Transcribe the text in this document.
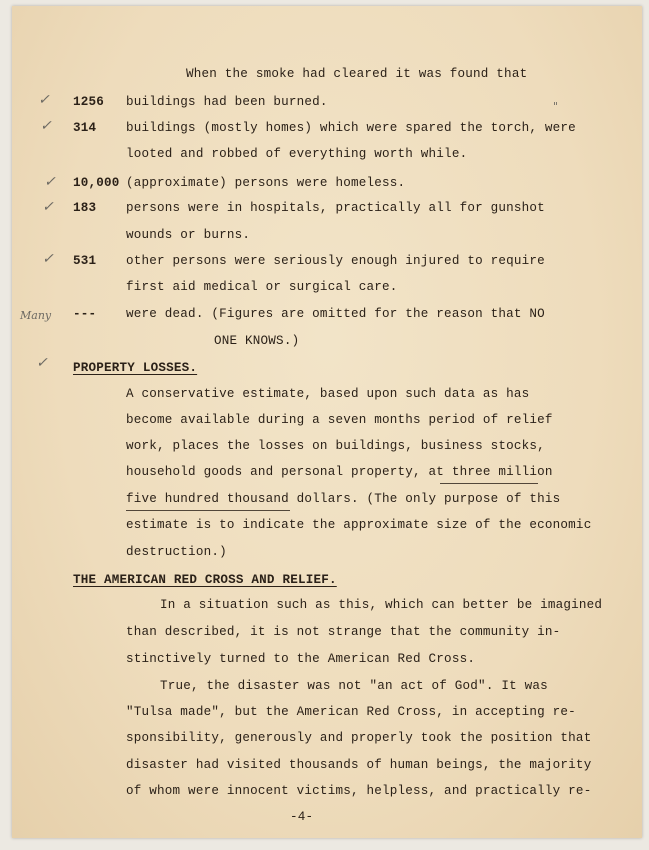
When the smoke had cleared it was found that
"
✓ 1256 buildings had been burned.
✓ 314 buildings (mostly homes) which were spared the torch, were
looted and robbed of everything worth while.
✓ 10,000 (approximate) persons were homeless.
✓ 183 persons were in hospitals, practically all for gunshot
wounds or burns.
✓ 531 other persons were seriously enough injured to require
first aid medical or surgical care.
Many --- were dead. (Figures are omitted for the reason that NO
ONE KNOWS.)
✓ PROPERTY LOSSES.
A conservative estimate, based upon such data as has
become available during a seven months period of relief
work, places the losses on buildings, business stocks,
household goods and personal property, at three million
five hundred thousand dollars. (The only purpose of this
estimate is to indicate the approximate size of the economic
destruction.)
THE AMERICAN RED CROSS AND RELIEF.
In a situation such as this, which can better be imagined
than described, it is not strange that the community in-
stinctively turned to the American Red Cross.
True, the disaster was not "an act of God". It was
"Tulsa made", but the American Red Cross, in accepting re-
sponsibility, generously and properly took the position that
disaster had visited thousands of human beings, the majority
of whom were innocent victims, helpless, and practically re-
-4-
